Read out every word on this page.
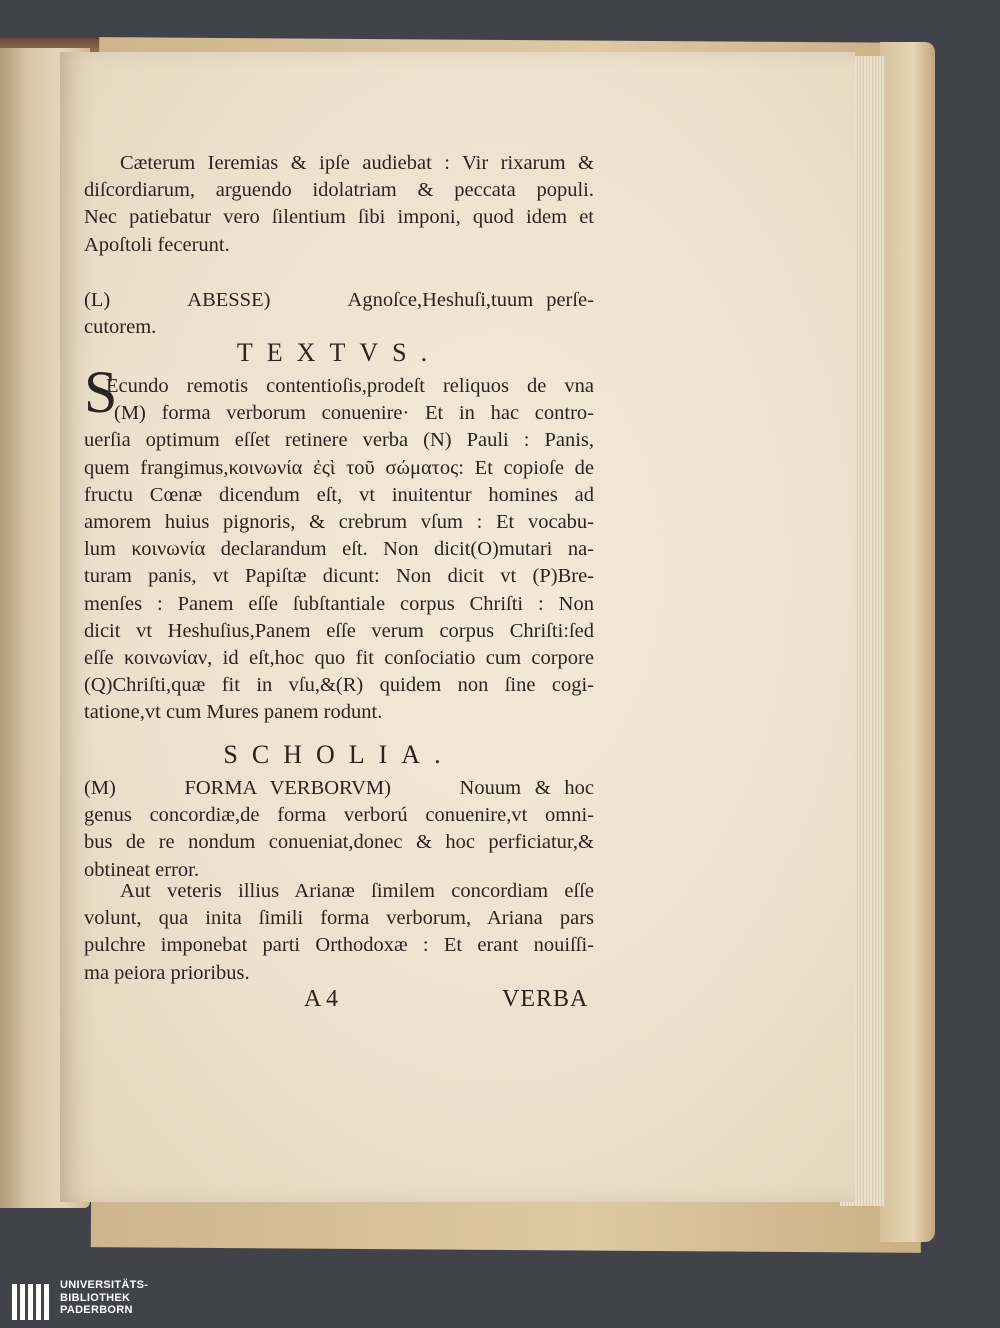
Cæterum Ieremias & ipſe audiebat : Vir rixarum &
diſcordiarum, arguendo idolatriam & peccata populi.
Nec patiebatur vero ſilentium ſibi imponi, quod idem et
Apoſtoli fecerunt.
(L)      ABESSE)      Agnoſce,Heshuſi,tuum perſe-
cutorem.
TEXTVS.
S
Ecundo remotis contentioſis,prodeſt reliquos de vna
(M) forma verborum conuenire· Et in hac contro-
uerſia optimum eſſet retinere verba (N) Pauli : Panis,
quem frangimus,κοινωνία ἐςὶ τοῦ σώματος: Et copioſe de
fructu Cœnæ dicendum eſt, vt inuitentur homines ad
amorem huius pignoris, & crebrum vſum : Et vocabu-
lum κοινωνία declarandum eſt. Non dicit(O)mutari na-
turam panis, vt Papiſtæ dicunt: Non dicit vt (P)Bre-
menſes : Panem eſſe ſubſtantiale corpus Chriſti : Non
dicit vt Heshuſius,Panem eſſe verum corpus Chriſti:ſed
eſſe κοινωνίαν, id eſt,hoc quo fit conſociatio cum corpore
(Q)Chriſti,quæ fit in vſu,&(R) quidem non ſine cogi-
tatione,vt cum Mures panem rodunt.
SCHOLIA.
(M)     FORMA VERBORVM)     Nouum & hoc
genus concordiæ,de forma verború conuenire,vt omni-
bus de re nondum conueniat,donec & hoc perficiatur,&
obtineat error.
Aut veteris illius Arianæ ſimilem concordiam eſſe
volunt, qua inita ſimili forma verborum, Ariana pars
pulchre imponebat parti Orthodoxæ : Et erant nouiſſi-
ma peiora prioribus.
A 4	VERBA
UNIVERSITÄTS-
BIBLIOTHEK
PADERBORN
